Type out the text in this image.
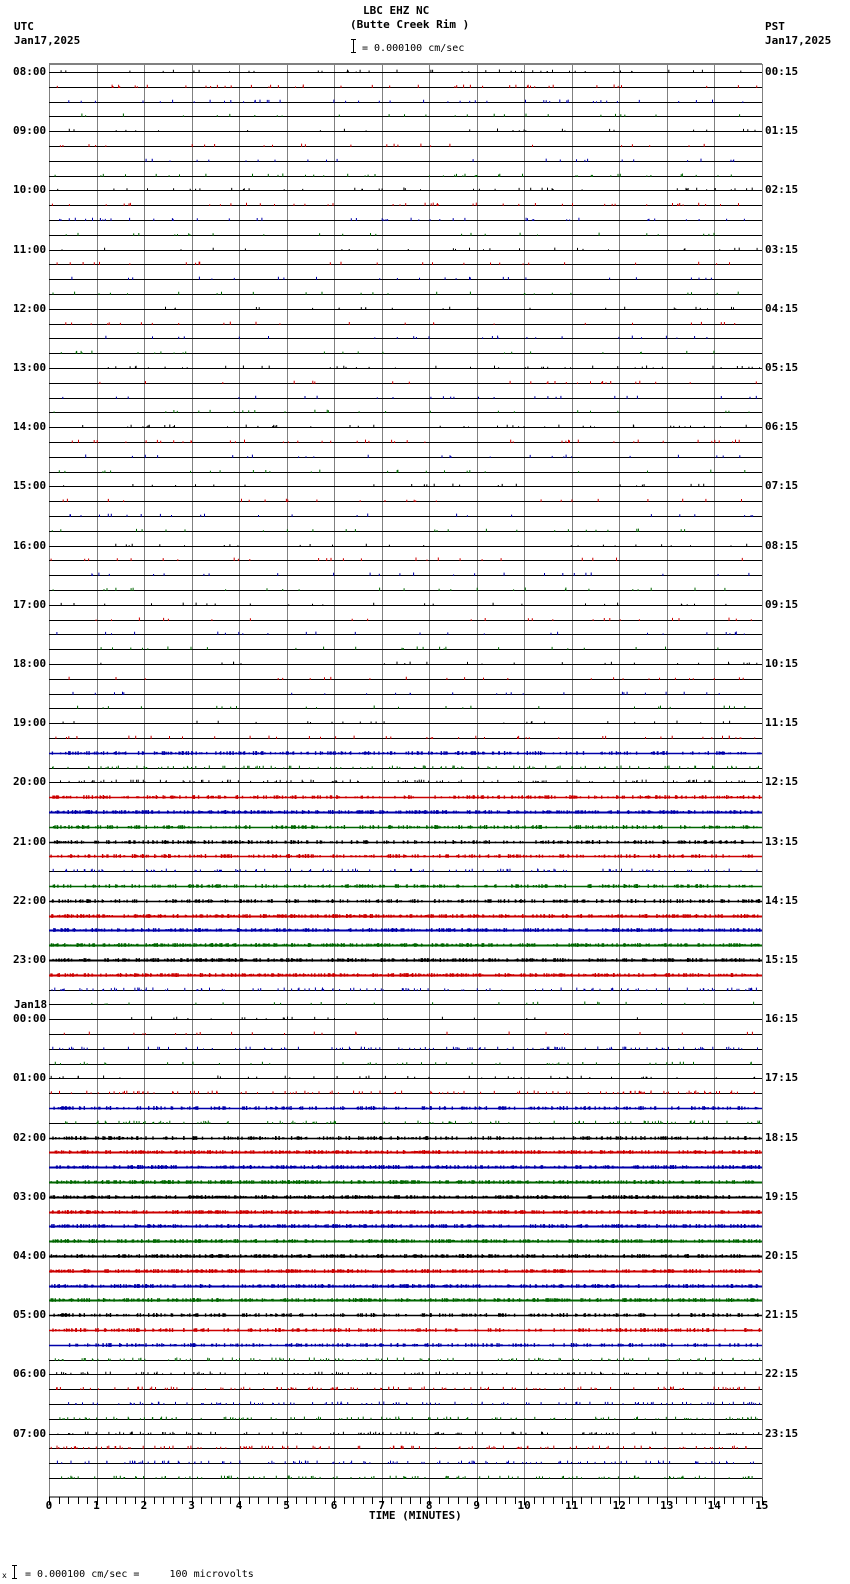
LBC EHZ NC
(Butte Creek Rim )
= 0.000100 cm/sec
UTC
Jan17,2025
PST
Jan17,2025
08:00
09:00
10:00
11:00
12:00
13:00
14:00
15:00
16:00
17:00
18:00
19:00
20:00
21:00
22:00
23:00
Jan18
00:00
01:00
02:00
03:00
04:00
05:00
06:00
07:00
00:15
01:15
02:15
03:15
04:15
05:15
06:15
07:15
08:15
09:15
10:15
11:15
12:15
13:15
14:15
15:15
16:15
17:15
18:15
19:15
20:15
21:15
22:15
23:15
0	1	2	3	4	5	6	7	8	9	10	11	12	13	14	15
TIME (MINUTES)
x = 0.000100 cm/sec =     100 microvolts
